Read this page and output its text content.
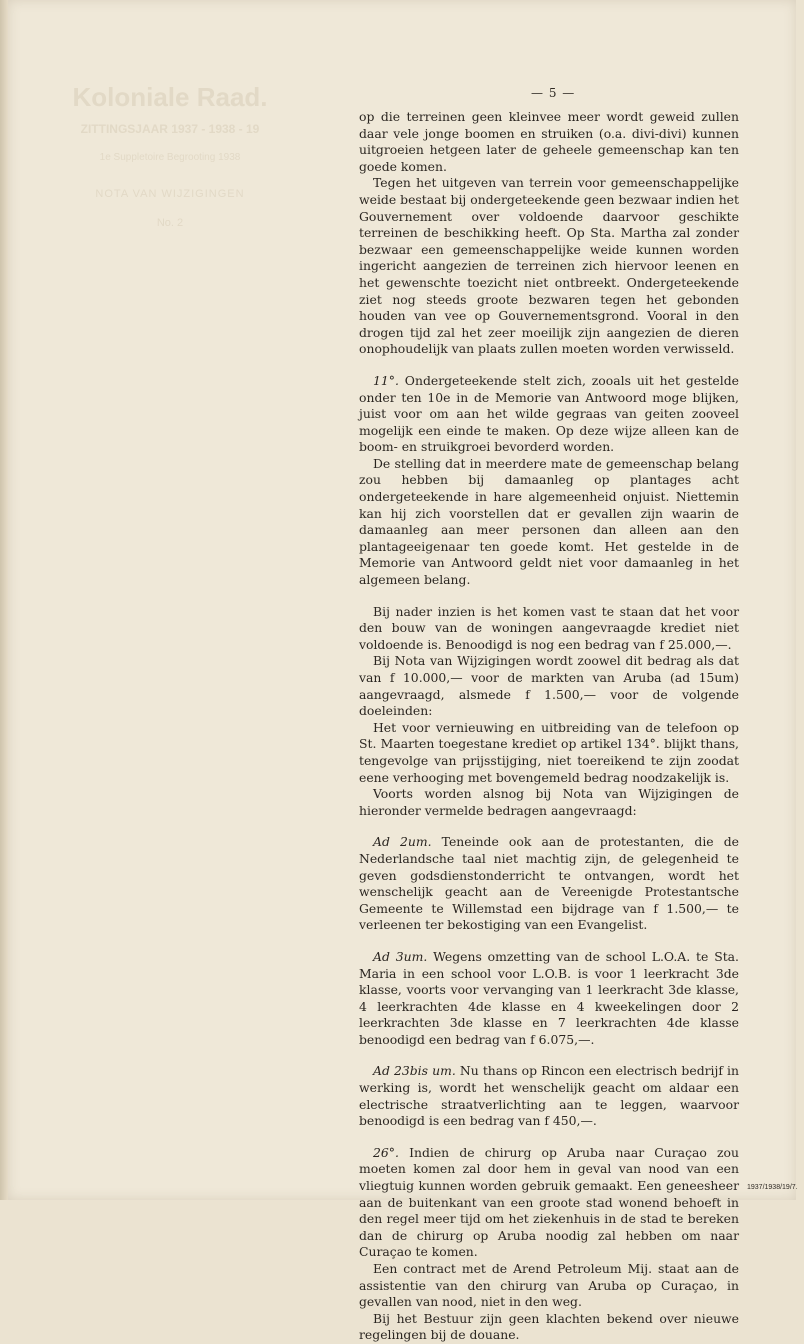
Koloniale Raad.
ZITTINGSJAAR 1937 - 1938 - 19
1e Suppletoire Begrooting 1938
NOTA VAN WIJZIGINGEN
No. 2
— 5 —

op die terreinen geen kleinvee meer wordt geweid zullen daar vele jonge boomen en struiken (o.a. divi-divi) kunnen uitgroeien hetgeen later de geheele gemeenschap kan ten goede komen.

Tegen het uitgeven van terrein voor gemeenschappelijke weide bestaat bij ondergeteekende geen bezwaar indien het Gouvernement over voldoende daarvoor geschikte terreinen de beschikking heeft. Op Sta. Martha zal zonder bezwaar een gemeenschappelijke weide kunnen worden ingericht aangezien de terreinen zich hiervoor leenen en het gewenschte toezicht niet ontbreekt. Ondergeteekende ziet nog steeds groote bezwaren tegen het gebonden houden van vee op Gouvernementsgrond. Vooral in den drogen tijd zal het zeer moeilijk zijn aangezien de dieren onophoudelijk van plaats zullen moeten worden verwisseld.

11°. Ondergeteekende stelt zich, zooals uit het gestelde onder ten 10e in de Memorie van Antwoord moge blijken, juist voor om aan het wilde gegraas van geiten zooveel mogelijk een einde te maken. Op deze wijze alleen kan de boom- en struikgroei bevorderd worden.

De stelling dat in meerdere mate de gemeenschap belang zou hebben bij damaanleg op plantages acht ondergeteekende in hare algemeenheid onjuist. Niettemin kan hij zich voorstellen dat er gevallen zijn waarin de damaanleg aan meer personen dan alleen aan den plantageeigenaar ten goede komt. Het gestelde in de Memorie van Antwoord geldt niet voor damaanleg in het algemeen belang.

Bij nader inzien is het komen vast te staan dat het voor den bouw van de woningen aangevraagde krediet niet voldoende is. Benoodigd is nog een bedrag van f 25.000,—.

Bij Nota van Wijzigingen wordt zoowel dit bedrag als dat van f 10.000,— voor de markten van Aruba (ad 15um) aangevraagd, alsmede f 1.500,— voor de volgende doeleinden:

Het voor vernieuwing en uitbreiding van de telefoon op St. Maarten toegestane krediet op artikel 134°. blijkt thans, tengevolge van prijsstijging, niet toereikend te zijn zoodat eene verhooging met bovengemeld bedrag noodzakelijk is.

Voorts worden alsnog bij Nota van Wijzigingen de hieronder vermelde bedragen aangevraagd:

Ad 2um. Teneinde ook aan de protestanten, die de Nederlandsche taal niet machtig zijn, de gelegenheid te geven godsdienstonderricht te ontvangen, wordt het wenschelijk geacht aan de Vereenigde Protestantsche Gemeente te Willemstad een bijdrage van f 1.500,— te verleenen ter bekostiging van een Evangelist.

Ad 3um. Wegens omzetting van de school L.O.A. te Sta. Maria in een school voor L.O.B. is voor 1 leerkracht 3de klasse, voorts voor vervanging van 1 leerkracht 3de klasse, 4 leerkrachten 4de klasse en 4 kweekelingen door 2 leerkrachten 3de klasse en 7 leerkrachten 4de klasse benoodigd een bedrag van f 6.075,—.

Ad 23bis um. Nu thans op Rincon een electrisch bedrijf in werking is, wordt het wenschelijk geacht om aldaar een electrische straatverlichting aan te leggen, waarvoor benoodigd is een bedrag van f 450,—.

26°. Indien de chirurg op Aruba naar Curaçao zou moeten komen zal door hem in geval van nood van een vliegtuig kunnen worden gebruik gemaakt. Een geneesheer aan de buitenkant van een groote stad wonend behoeft in den regel meer tijd om het ziekenhuis in de stad te bereken dan de chirurg op Aruba noodig zal hebben om naar Curaçao te komen.

Een contract met de Arend Petroleum Mij. staat aan de assistentie van den chirurg van Aruba op Curaçao, in gevallen van nood, niet in den weg.

Bij het Bestuur zijn geen klachten bekend over nieuwe regelingen bij de douane.

1937/1938/19/7.
